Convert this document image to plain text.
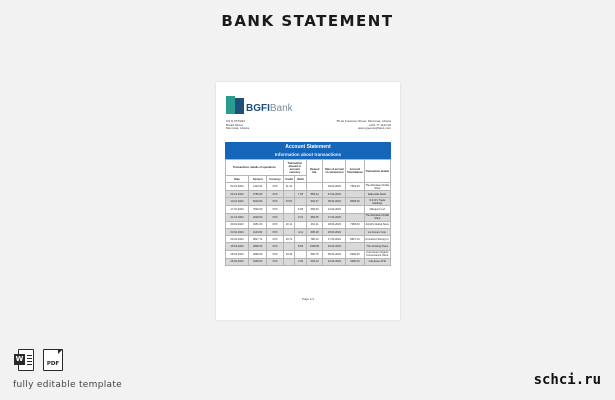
BANK STATEMENT
BGFIBank
CS N 07/5234
Broad Street
Monrovia, Liberia
55 de Freetown Street, Monrovia, Liberia
+231 77 1121 00
www.greenorgfbank.com
Account Statement
Information about transactions
Transactions, details of operations			Transaction amount in account currency		Cleared bal.	Date of accrual of commission	Account final balance	Transaction details
Date	Amount	Currency	Credit	Debit				
02.01.2023	1112.34	XXX	11.31			03.03.2023	7502.00	The Aberdeen Dollar Shop
09.01.2023	2750.00	XXX		7.25	858.44	07.02.2023		Waterside Mark.
10.01.2023	5223.00	XXX	10.51		902.27	05.03.2023	8095.00	S.K.D's Trade Holdings
17.01.2023	7902.00	XXX		6.05	699.30	12.02.2023		Marquis's Luf
21.01.2023	3218.00	XXX		3.31	995.35	17.02.2023		The Aberdeen Dollar Shop
29.01.2023	4351.00	XXX	20.11		491.11	18.04.2023	7265.00	Astrid's Global Store
03.02.2023	1103.00	XXX		4.11	695.18	18.03.2023		Liu Ainsen Corp.
09.02.2023	2817.71	XXX	16.71		780.12	17.03.2023	8527.10	Crossford Sheng Int.
15.02.2023	2805.02	XXX		8.09	1908.82	20.04.2023		The Docking Place
28.02.2023	3906.00	XXX	16.33		590.75	05.04.2023	6090.00	Just Green Organic Convenience Store
28.02.2023	3235.03	XXX		2.05	693.12	22.04.2023	3290.00	Indefense ATM
Page 1/1
W
PDF
fully editable template	schci.ru
